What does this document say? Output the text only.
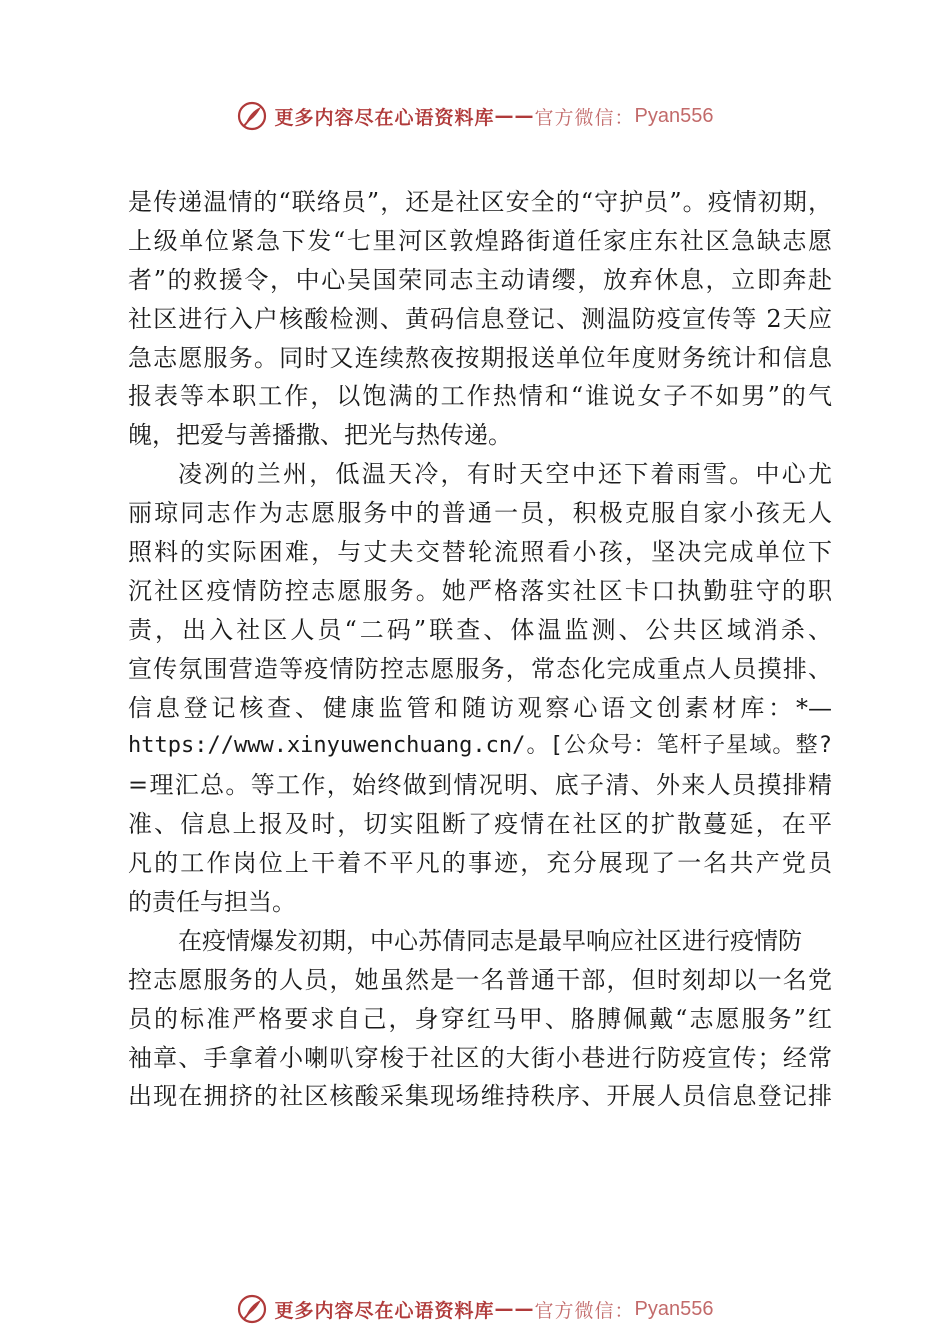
更多内容尽在心语资料库 —— 官方微信： Pyan556
是传递温情的“联络员”，还是社区安全的“守护员”。疫情初期，
上级单位紧急下发“七里河区敦煌路街道任家庄东社区急缺志愿
者”的救援令，中心吴国荣同志主动请缨，放弃休息，立即奔赴
社区进行入户核酸检测、黄码信息登记、测温防疫宣传等 2天应
急志愿服务。同时又连续熬夜按期报送单位年度财务统计和信息
报表等本职工作，以饱满的工作热情和“谁说女子不如男”的气
魄，把爱与善播撒、把光与热传递。
凌冽的兰州，低温天冷，有时天空中还下着雨雪。中心尤
丽琼同志作为志愿服务中的普通一员，积极克服自家小孩无人
照料的实际困难，与丈夫交替轮流照看小孩，坚决完成单位下
沉社区疫情防控志愿服务。她严格落实社区卡口执勤驻守的职
责，出入社区人员“二码”联查、体温监测、公共区域消杀、
宣传氛围营造等疫情防控志愿服务，常态化完成重点人员摸排、
信息登记核查、健康监管和随访观察心语文创素材库：*—
https://www.xinyuwenchuang.cn/。[公众号：笔杆子星域。整?
=理汇总。等工作，始终做到情况明、底子清、外来人员摸排精
准、信息上报及时，切实阻断了疫情在社区的扩散蔓延，在平
凡的工作岗位上干着不平凡的事迹，充分展现了一名共产党员
的责任与担当。
在疫情爆发初期，中心苏倩同志是最早响应社区进行疫情防
控志愿服务的人员，她虽然是一名普通干部，但时刻却以一名党
员的标准严格要求自己，身穿红马甲、胳膊佩戴“志愿服务”红
袖章、手拿着小喇叭穿梭于社区的大街小巷进行防疫宣传；经常
出现在拥挤的社区核酸采集现场维持秩序、开展人员信息登记排
更多内容尽在心语资料库 —— 官方微信： Pyan556
